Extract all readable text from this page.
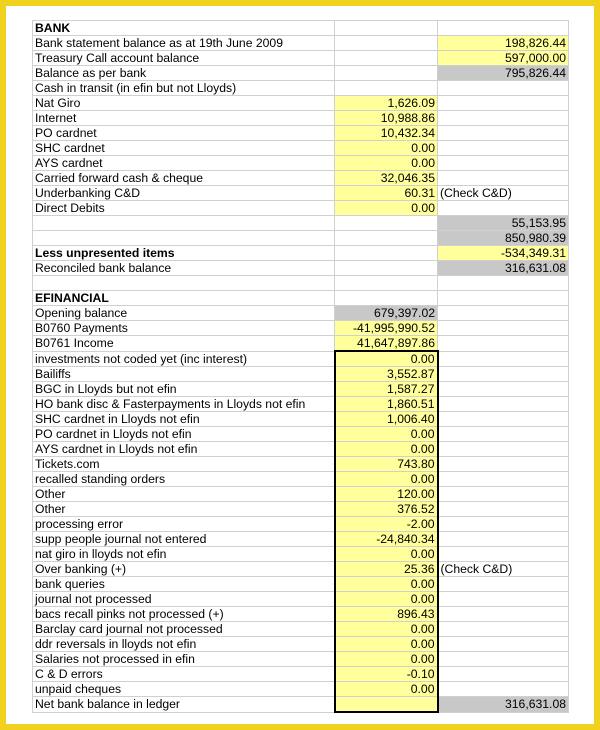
BANK		
Bank statement balance as at 19th June 2009		198,826.44
Treasury Call account balance		597,000.00
Balance as per bank		795,826.44
Cash in transit (in efin but not Lloyds)		
Nat Giro	1,626.09	
Internet	10,988.86	
PO cardnet	10,432.34	
SHC cardnet	0.00	
AYS cardnet	0.00	
Carried forward cash & cheque	32,046.35	
Underbanking C&D	60.31	(Check C&D)
Direct Debits	0.00	
		55,153.95
		850,980.39
Less unpresented items		-534,349.31
Reconciled bank balance		316,631.08

EFINANCIAL		
Opening balance	679,397.02	
B0760 Payments	-41,995,990.52	
B0761 Income	41,647,897.86	
investments not coded yet (inc interest)	0.00	
Bailiffs	3,552.87	
BGC in Lloyds but not efin	1,587.27	
HO bank disc & Fasterpayments in Lloyds not efin	1,860.51	
SHC cardnet in Lloyds not efin	1,006.40	
PO cardnet in Lloyds not efin	0.00	
AYS cardnet in Lloyds not efin	0.00	
Tickets.com	743.80	
recalled standing orders	0.00	
Other	120.00	
Other	376.52	
processing error	-2.00	
supp people journal not entered	-24,840.34	
nat giro in lloyds not efin	0.00	
Over banking (+)	25.36	(Check C&D)
bank queries	0.00	
journal not processed	0.00	
bacs recall pinks not processed (+)	896.43	
Barclay card journal not processed	0.00	
ddr reversals in lloyds not efin	0.00	
Salaries not processed in efin	0.00	
C & D errors	-0.10	
unpaid cheques	0.00	
Net bank balance in ledger		316,631.08
